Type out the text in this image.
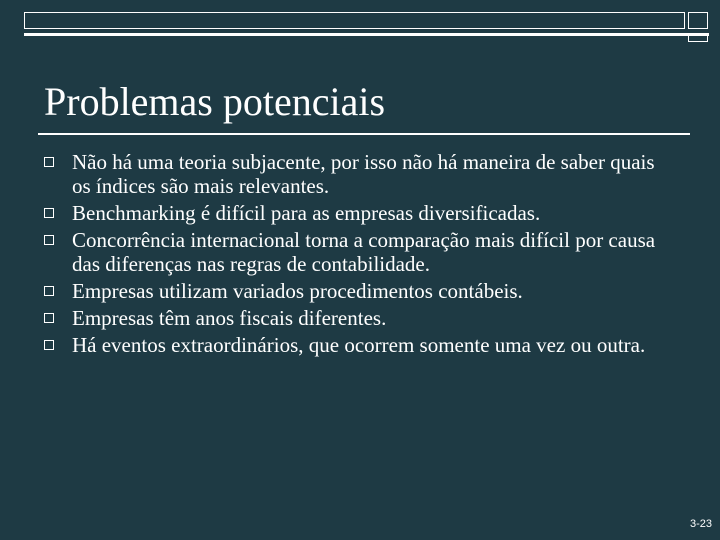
Problemas potenciais
Não há uma teoria subjacente, por isso não há maneira de saber quais os índices são mais relevantes.
Benchmarking é difícil para as empresas diversificadas.
Concorrência internacional torna a comparação mais difícil por causa das diferenças nas regras de contabilidade.
Empresas utilizam variados procedimentos contábeis.
Empresas têm anos fiscais diferentes.
Há eventos extraordinários, que ocorrem somente uma vez ou outra.
3-23
